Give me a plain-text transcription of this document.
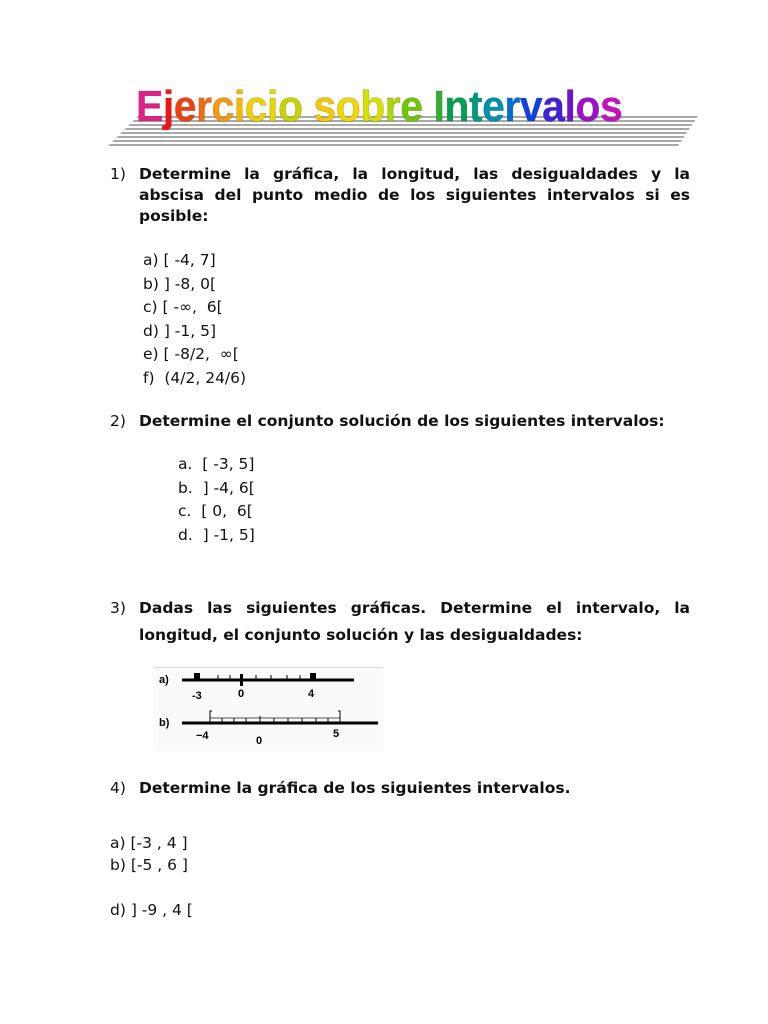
Ejercicio sobre Intervalos
1) Determine la gráfica, la longitud, las desigualdades y la abscisa del punto medio de los siguientes intervalos si es posible:
a) [ -4, 7]
b) ] -8, 0[
c) [ -∞,  6[
d) ] -1, 5]
e) [ -8/2,  ∞[
f)  (4/2, 24/6)
2) Determine el conjunto solución de los siguientes intervalos:
a.  [ -3, 5]
b.  ] -4, 6[
c.  [ 0,  6[
d.  ] -1, 5]
3) Dadas las siguientes gráficas. Determine el intervalo, la longitud, el conjunto solución y las desigualdades:
a)
-3	0	4
b)
−4	0
5
4) Determine la gráfica de los siguientes intervalos.
a) [-3 , 4 ]
b) [-5 , 6 ]
d) ] -9 , 4 [
